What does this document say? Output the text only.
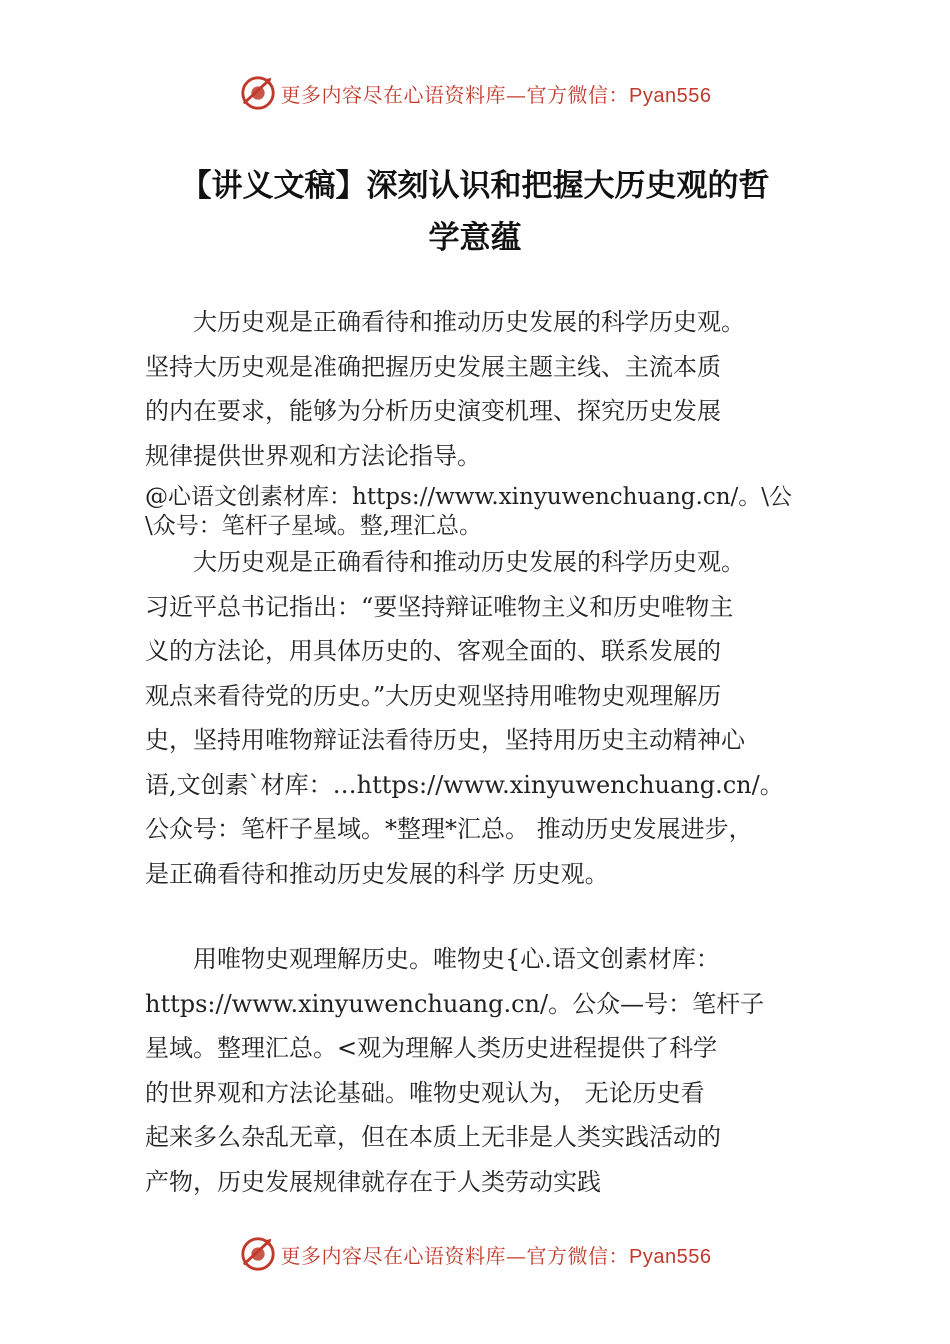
更多内容尽在心语资料库—官方微信：Pyan556
【讲义文稿】深刻认识和把握大历史观的哲
学意蕴
　　大历史观是正确看待和推动历史发展的科学历史观。
坚持大历史观是准确把握历史发展主题主线、主流本质
的内在要求，能够为分析历史演变机理、探究历史发展
规律提供世界观和方法论指导。
@心语文创素材库：https://www.xinyuwenchuang.cn/。\公
\众号：笔杆子星域。整,理汇总。
　　大历史观是正确看待和推动历史发展的科学历史观。
习近平总书记指出：“要坚持辩证唯物主义和历史唯物主
义的方法论，用具体历史的、客观全面的、联系发展的
观点来看待党的历史。”大历史观坚持用唯物史观理解历
史，坚持用唯物辩证法看待历史，坚持用历史主动精神心
语,文创素`材库：…https://www.xinyuwenchuang.cn/。
公众号：笔杆子星域。*整理*汇总。 推动历史发展进步，
是正确看待和推动历史发展的科学 历史观。
　　用唯物史观理解历史。唯物史{心.语文创素材库：
https://www.xinyuwenchuang.cn/。公众—号：笔杆子
星域。整理汇总。<观为理解人类历史进程提供了科学
的世界观和方法论基础。唯物史观认为， 无论历史看
起来多么杂乱无章，但在本质上无非是人类实践活动的
产物，历史发展规律就存在于人类劳动实践
更多内容尽在心语资料库—官方微信：Pyan556
